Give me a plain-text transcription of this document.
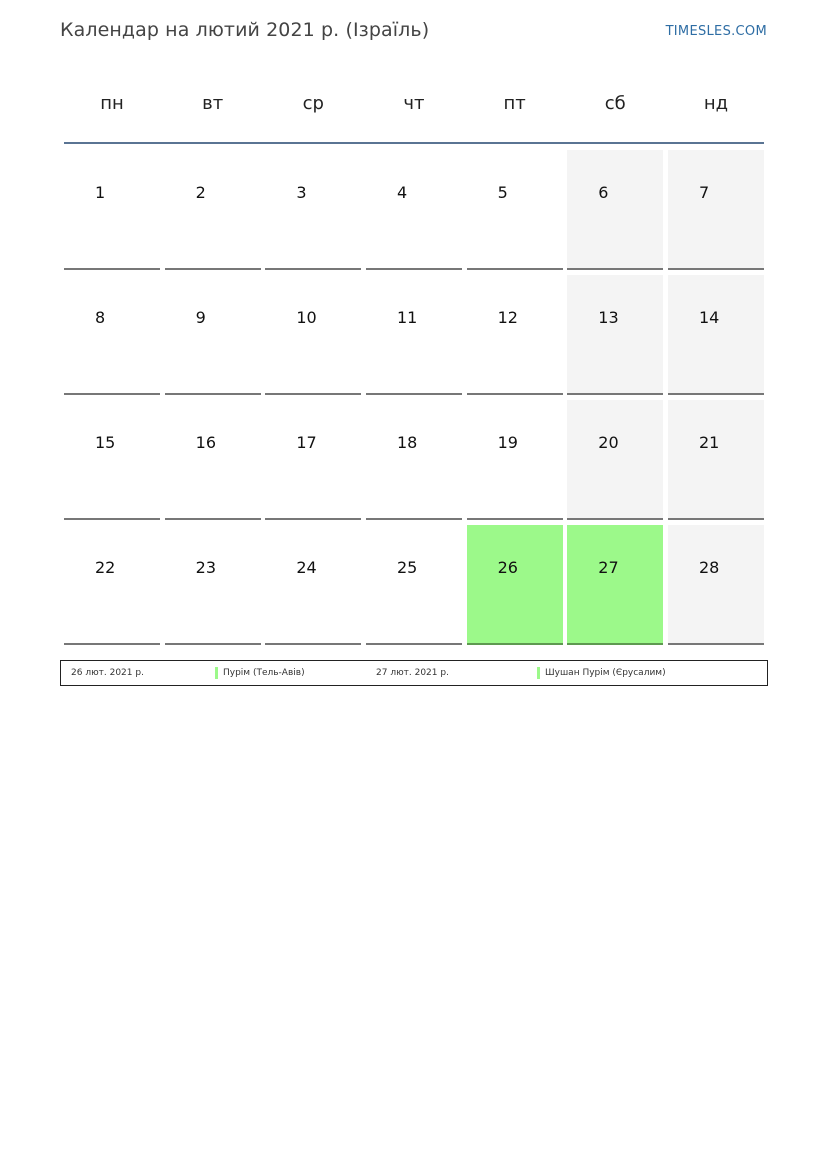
Календар на лютий 2021 р. (Ізраїль)	TIMESLES.COM
пн	вт	ср	чт	пт	сб	нд
1	2	3	4	5	6	7
8	9	10	11	12	13	14
15	16	17	18	19	20	21
22	23	24	25	26	27	28
26 лют. 2021 р.	Пурім (Тель-Авів)	27 лют. 2021 р.	Шушан Пурім (Єрусалим)
